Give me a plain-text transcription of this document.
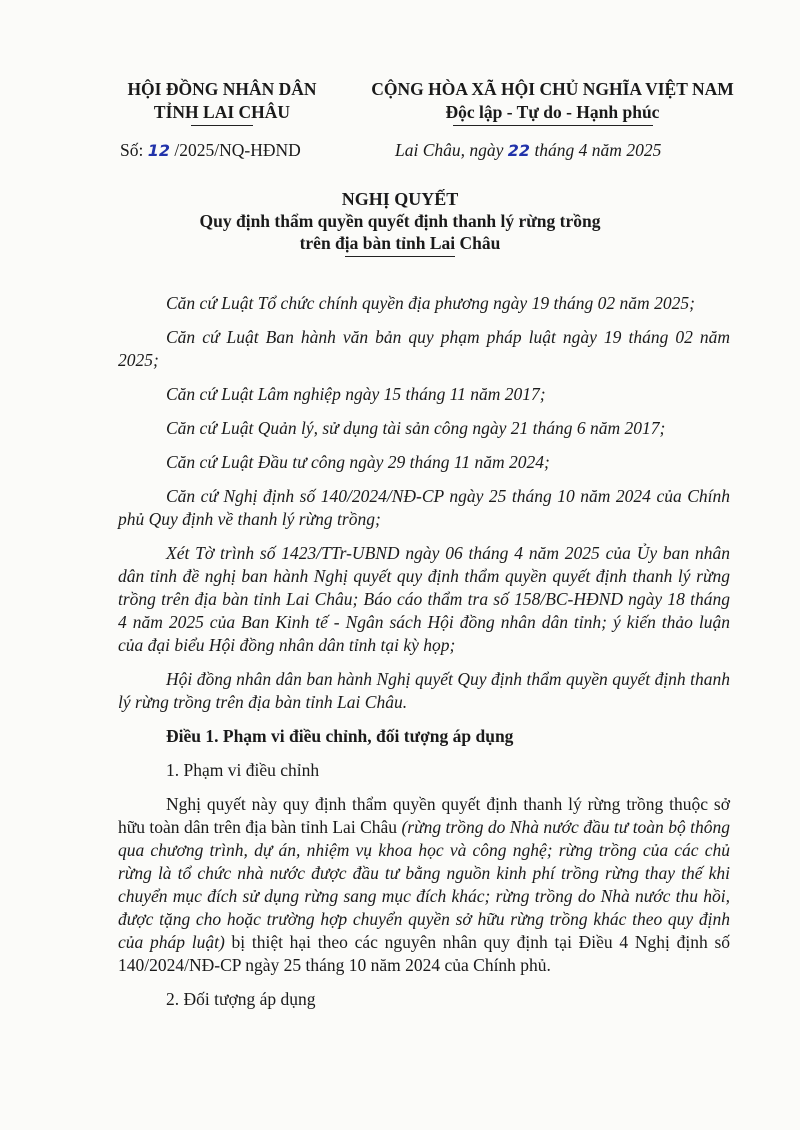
HỘI ĐỒNG NHÂN DÂN
TỈNH LAI CHÂU
CỘNG HÒA XÃ HỘI CHỦ NGHĨA VIỆT NAM
Độc lập - Tự do - Hạnh phúc
Số: 12 /2025/NQ-HĐND	Lai Châu, ngày 22 tháng 4 năm 2025
NGHỊ QUYẾT
Quy định thẩm quyền quyết định thanh lý rừng trồng
trên địa bàn tỉnh Lai Châu

Căn cứ Luật Tổ chức chính quyền địa phương ngày 19 tháng 02 năm 2025;

Căn cứ Luật Ban hành văn bản quy phạm pháp luật ngày 19 tháng 02 năm 2025;

Căn cứ Luật Lâm nghiệp ngày 15 tháng 11 năm 2017;

Căn cứ Luật Quản lý, sử dụng tài sản công ngày 21 tháng 6 năm 2017;

Căn cứ Luật Đầu tư công ngày 29 tháng 11 năm 2024;

Căn cứ Nghị định số 140/2024/NĐ-CP ngày 25 tháng 10 năm 2024 của Chính phủ Quy định về thanh lý rừng trồng;

Xét Tờ trình số 1423/TTr-UBND ngày 06 tháng 4 năm 2025 của Ủy ban nhân dân tỉnh đề nghị ban hành Nghị quyết quy định thẩm quyền quyết định thanh lý rừng trồng trên địa bàn tỉnh Lai Châu; Báo cáo thẩm tra số 158/BC-HĐND ngày 18 tháng 4 năm 2025 của Ban Kinh tế - Ngân sách Hội đồng nhân dân tỉnh; ý kiến thảo luận của đại biểu Hội đồng nhân dân tỉnh tại kỳ họp;

Hội đồng nhân dân ban hành Nghị quyết Quy định thẩm quyền quyết định thanh lý rừng trồng trên địa bàn tỉnh Lai Châu.

Điều 1. Phạm vi điều chỉnh, đối tượng áp dụng

1. Phạm vi điều chỉnh

Nghị quyết này quy định thẩm quyền quyết định thanh lý rừng trồng thuộc sở hữu toàn dân trên địa bàn tỉnh Lai Châu (rừng trồng do Nhà nước đầu tư toàn bộ thông qua chương trình, dự án, nhiệm vụ khoa học và công nghệ; rừng trồng của các chủ rừng là tổ chức nhà nước được đầu tư bằng nguồn kinh phí trồng rừng thay thế khi chuyển mục đích sử dụng rừng sang mục đích khác; rừng trồng do Nhà nước thu hồi, được tặng cho hoặc trường hợp chuyển quyền sở hữu rừng trồng khác theo quy định của pháp luật) bị thiệt hại theo các nguyên nhân quy định tại Điều 4 Nghị định số 140/2024/NĐ-CP ngày 25 tháng 10 năm 2024 của Chính phủ.

2. Đối tượng áp dụng
